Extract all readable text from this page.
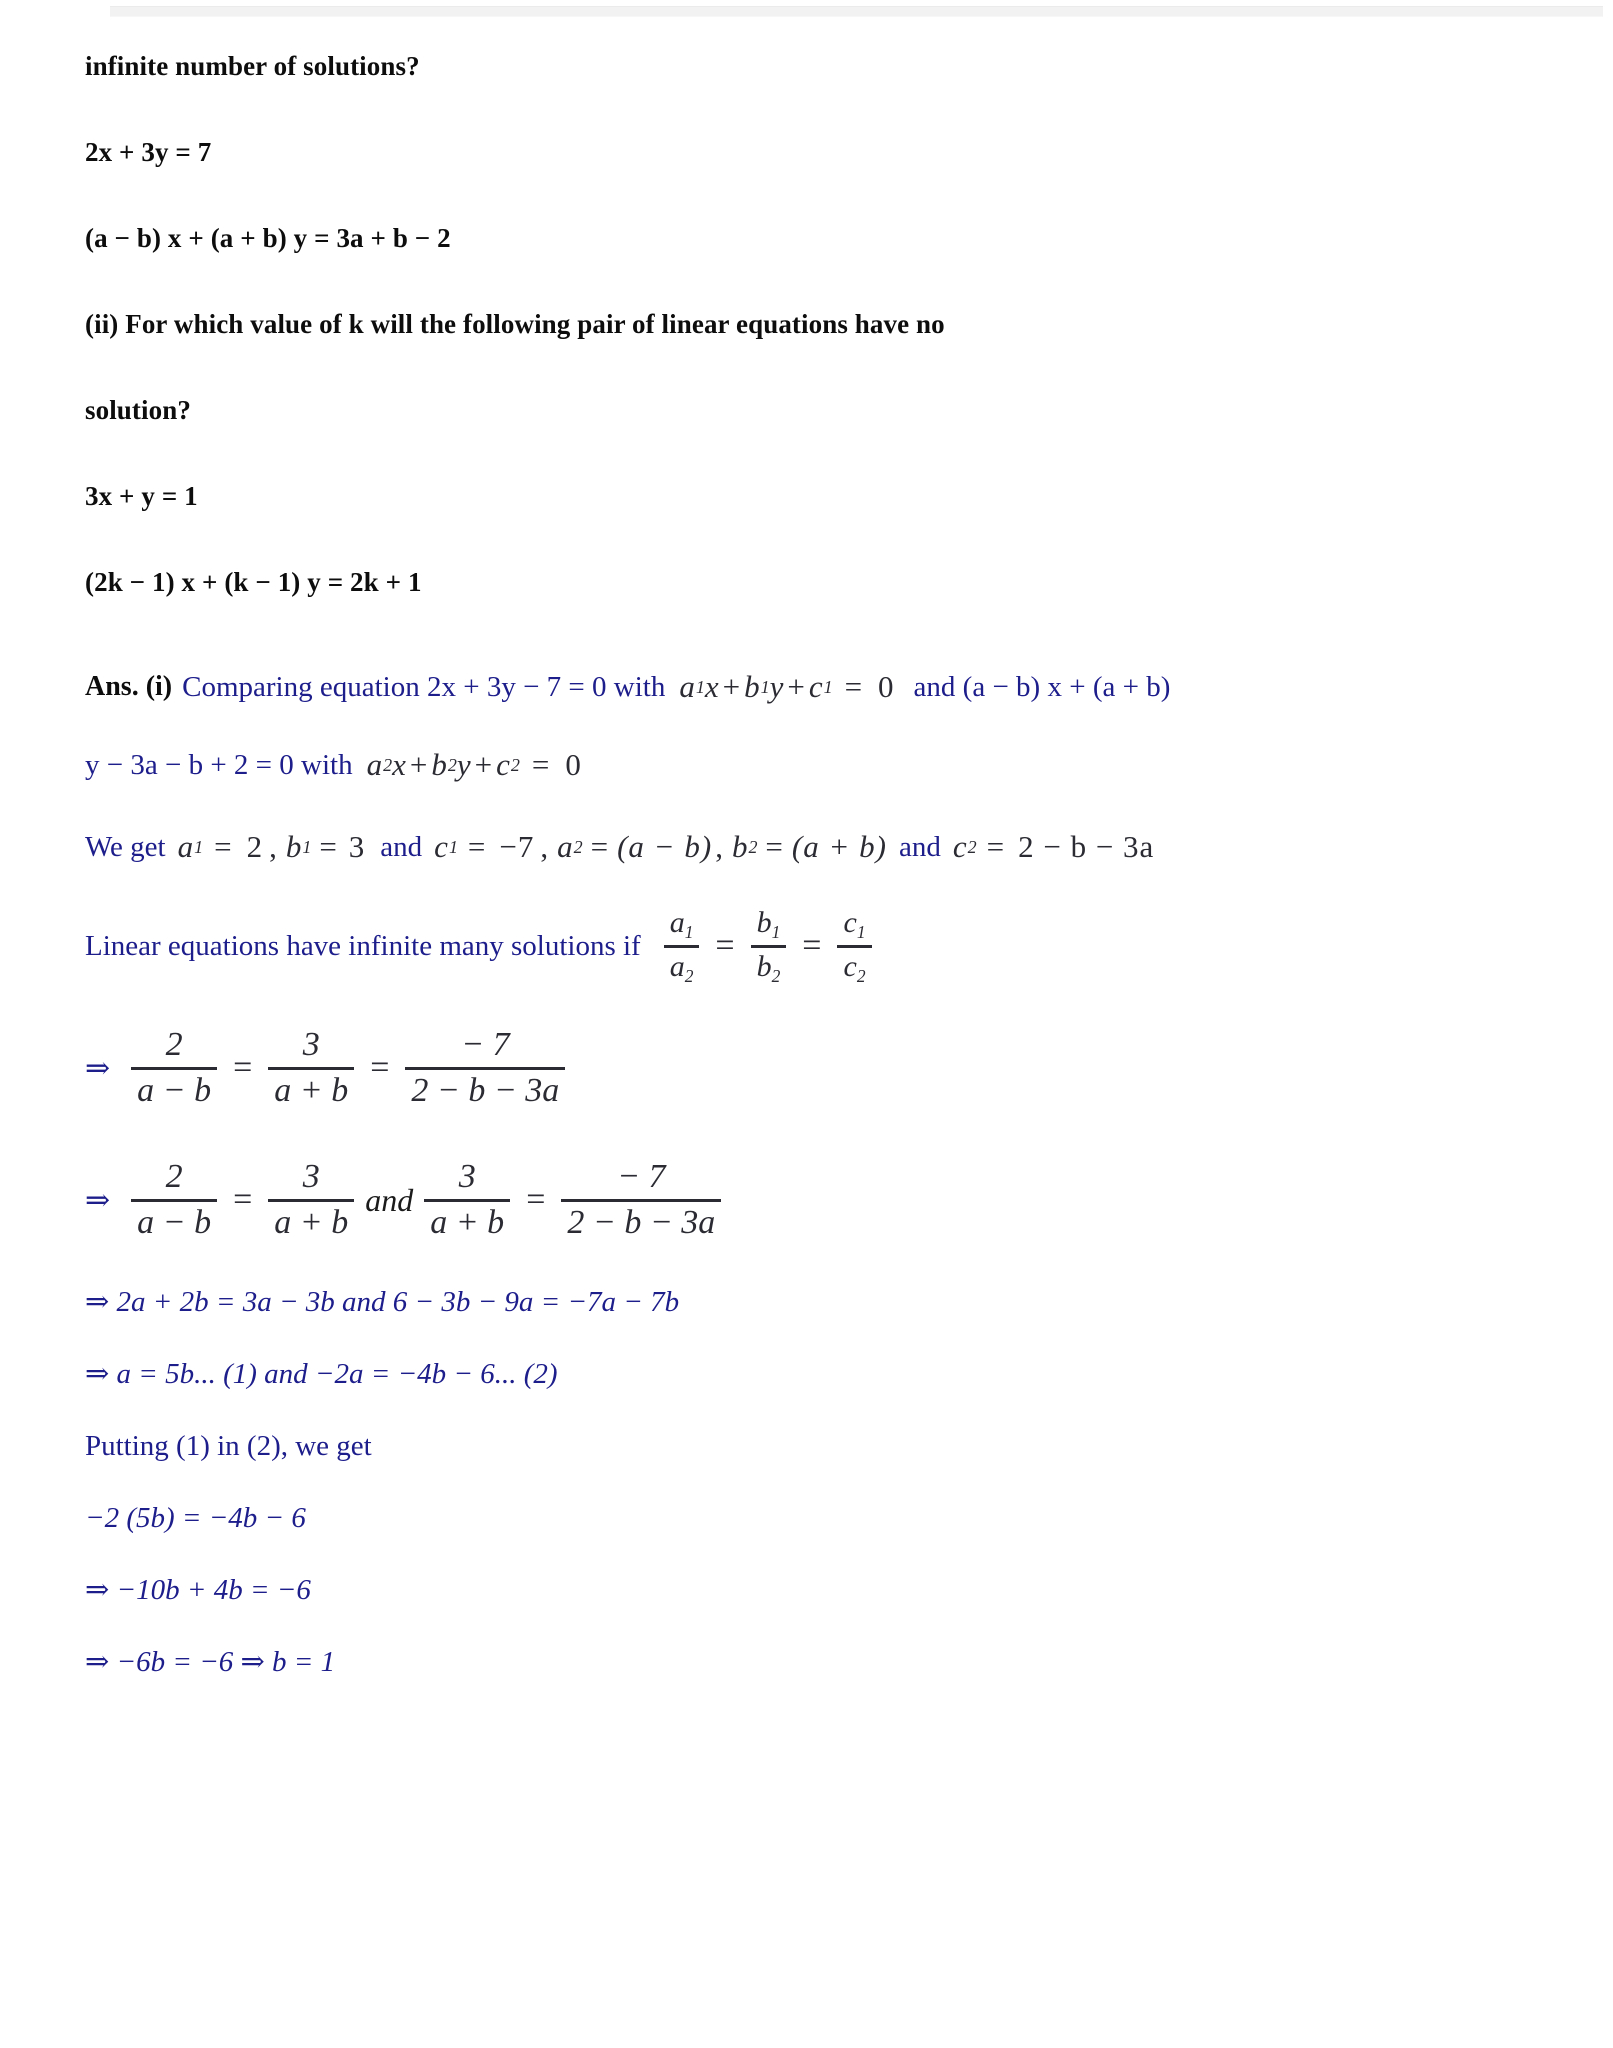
infinite number of solutions?
2x + 3y = 7
(a − b) x + (a + b) y = 3a + b − 2
(ii) For which value of k will the following pair of linear equations have no
solution?
3x + y = 1
(2k − 1) x + (k − 1) y = 2k + 1
Ans. (i) Comparing equation 2x + 3y − 7 = 0 with a 1 x + b 1 y + c 1 = 0 and (a − b) x + (a + b)
y − 3a − b + 2 = 0 with a 2 x + b 2 y + c 2 = 0
We get a 1 = 2 , b 1 = 3 and c 1 = −7 , a 2 = (a − b) , b 2 = (a + b) and c 2 = 2 − b − 3a
Linear equations have infinite many solutions if $\frac{a_1}{a_2} = \frac{b_1}{b_2} = \frac{c_1}{c_2}$
⇒ $\frac{2}{a - b} = \frac{3}{a + b} = \frac{- 7}{2 - b - 3a}$
⇒ $\frac{2}{a - b} = \frac{3}{a + b}$ and $\frac{3}{a + b} = \frac{- 7}{2 - b - 3a}$
⇒ 2a + 2b = 3a − 3b and 6 − 3b − 9a = −7a − 7b
⇒ a = 5b... (1) and −2a = −4b − 6... (2)
Putting (1) in (2), we get
−2 (5b) = −4b − 6
⇒ −10b + 4b = −6
⇒ −6b = −6 ⇒ b = 1
